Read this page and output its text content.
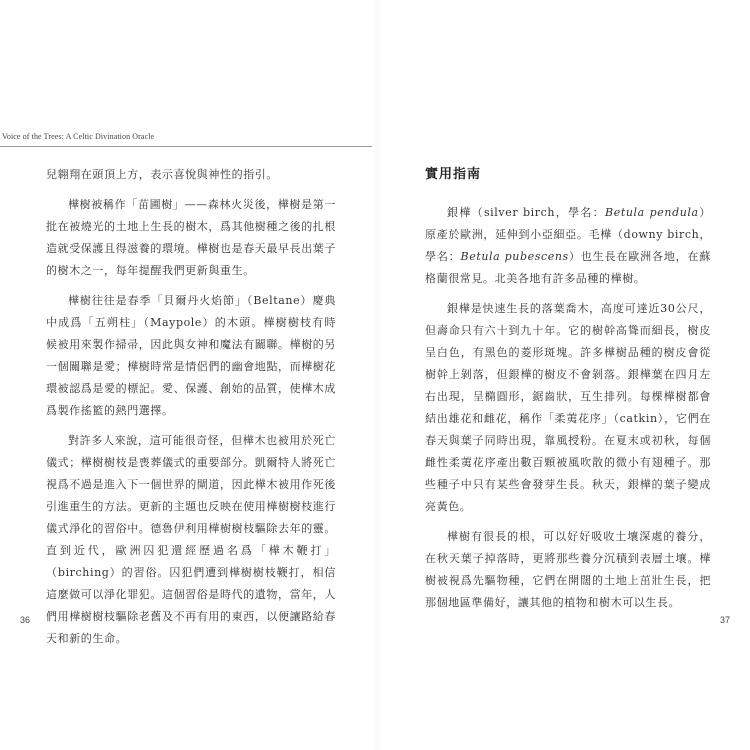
Voice of the Trees: A Celtic Divination Oracle

兒翱翔在頭頂上方，表示喜悅與神性的指引。

樺樹被稱作「苗圃樹」——森林火災後，樺樹是第一批在被燒光的土地上生長的樹木，爲其他樹種之後的扎根造就受保護且得滋養的環境。樺樹也是春天最早長出葉子的樹木之一，每年提醒我們更新與重生。

樺樹往往是春季「貝爾丹火焰節」（Beltane）慶典中成爲「五朔柱」（Maypole）的木頭。樺樹樹枝有時候被用來製作掃帚，因此與女神和魔法有關聯。樺樹的另一個關聯是愛；樺樹時常是情侶們的幽會地點，而樺樹花環被認爲是愛的標記。愛、保護、創始的品質，使樺木成爲製作搖籃的熱門選擇。

對許多人來說，這可能很奇怪，但樺木也被用於死亡儀式；樺樹樹枝是喪葬儀式的重要部分。凱爾特人將死亡視爲不過是進入下一個世界的閘道，因此樺木被用作死後引進重生的方法。更新的主題也反映在使用樺樹樹枝進行儀式淨化的習俗中。德魯伊利用樺樹樹枝驅除去年的靈。直到近代，歐洲囚犯還經歷過名爲「樺木鞭打」（birching）的習俗。囚犯們遭到樺樹樹枝鞭打，相信這麼做可以淨化罪犯。這個習俗是時代的遺物，當年，人們用樺樹樹枝驅除老舊及不再有用的東西，以便讓路給春天和新的生命。

36
實用指南

銀樺（silver birch，學名：Betula pendula）原產於歐洲，延伸到小亞細亞。毛樺（downy birch，學名：Betula pubescens）也生長在歐洲各地，在蘇格蘭很常見。北美各地有許多品種的樺樹。

銀樺是快速生長的落葉喬木，高度可達近30公尺，但壽命只有六十到九十年。它的樹幹高聳而細長，樹皮呈白色，有黑色的菱形斑塊。許多樺樹品種的樹皮會從樹幹上剝落，但銀樺的樹皮不會剝落。銀樺葉在四月左右出現，呈橢圓形，鋸齒狀，互生排列。每棵樺樹都會結出雄花和雌花，稱作「柔荑花序」（catkin），它們在春天與葉子同時出現，靠風授粉。在夏末或初秋，每個雌性柔荑花序產出數百顆被風吹散的微小有翅種子。那些種子中只有某些會發芽生長。秋天，銀樺的葉子變成亮黃色。

樺樹有很長的根，可以好好吸收土壤深處的養分，在秋天葉子掉落時，更將那些養分沉積到表層土壤。樺樹被視爲先驅物種，它們在開闊的土地上茁壯生長，把那個地區準備好，讓其他的植物和樹木可以生長。

37
